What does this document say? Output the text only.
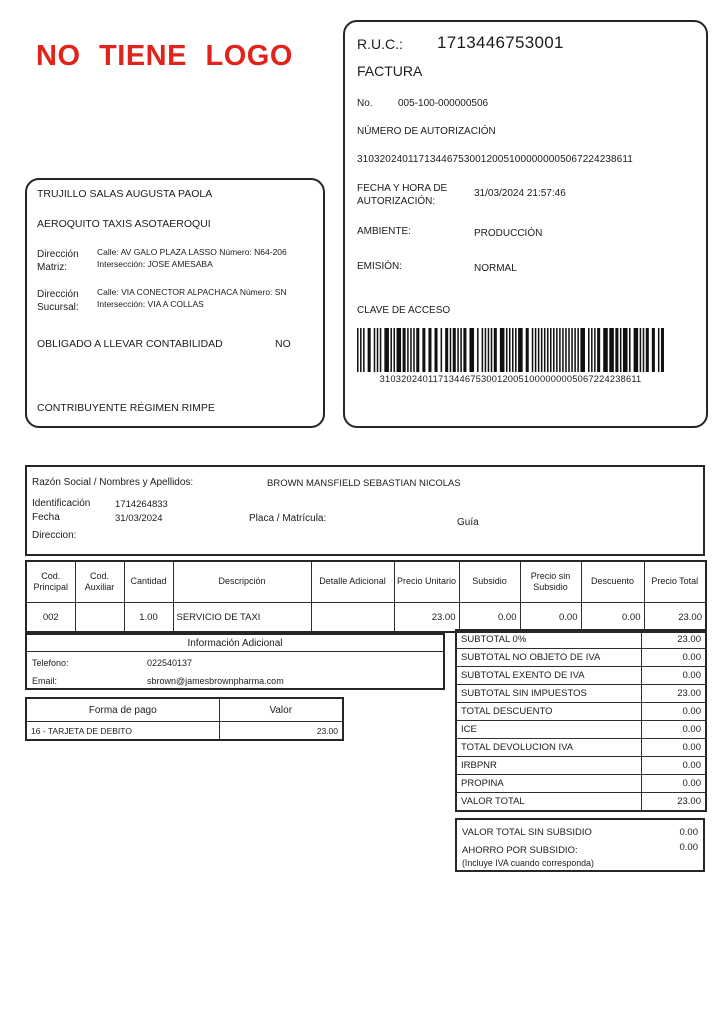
NO TIENE LOGO	R.U.C.: 1713446753001
FACTURA
No.	005-100-000000506
NÚMERO DE AUTORIZACIÓN
3103202401171344675300120051000000005067224238611
FECHA Y HORA DE AUTORIZACIÓN:
31/03/2024 21:57:46
AMBIENTE:	PRODUCCIÓN
EMISIÓN:	NORMAL
CLAVE DE ACCESO
3103202401171344675300120051000000005067224238611
TRUJILLO SALAS AUGUSTA PAOLA
AEROQUITO TAXIS ASOTAEROQUI
Dirección Matriz:
Calle: AV GALO PLAZA LASSO Número: N64-206
Intersección: JOSE AMESABA
Dirección Sucursal:
Calle: VIA CONECTOR ALPACHACA Número: SN
Intersección: VIA A COLLAS
OBLIGADO A LLEVAR CONTABILIDAD	NO
CONTRIBUYENTE RÉGIMEN RIMPE
Razón Social / Nombres y Apellidos:	BROWN MANSFIELD SEBASTIAN NICOLAS
Identificación	1714264833
Fecha	31/03/2024	Placa / Matrícula:	Guía
Direccion:
Cod. Principal	Cod. Auxiliar	Cantidad	Descripción	Detalle Adicional	Precio Unitario	Subsidio	Precio sin Subsidio	Descuento	Precio Total
002		1.00	SERVICIO DE TAXI		23.00	0.00	0.00	0.00	23.00
Información Adicional
Telefono:	022540137
Email:	sbrown@jamesbrownpharma.com
Forma de pago	Valor
16 - TARJETA DE DEBITO	23.00
SUBTOTAL 0%	23.00
SUBTOTAL NO OBJETO DE IVA	0.00
SUBTOTAL EXENTO DE IVA	0.00
SUBTOTAL SIN IMPUESTOS	23.00
TOTAL DESCUENTO	0.00
ICE	0.00
TOTAL DEVOLUCION IVA	0.00
IRBPNR	0.00
PROPINA	0.00
VALOR TOTAL	23.00
VALOR TOTAL SIN SUBSIDIO	0.00
AHORRO POR SUBSIDIO:	0.00
(Incluye IVA cuando corresponda)
